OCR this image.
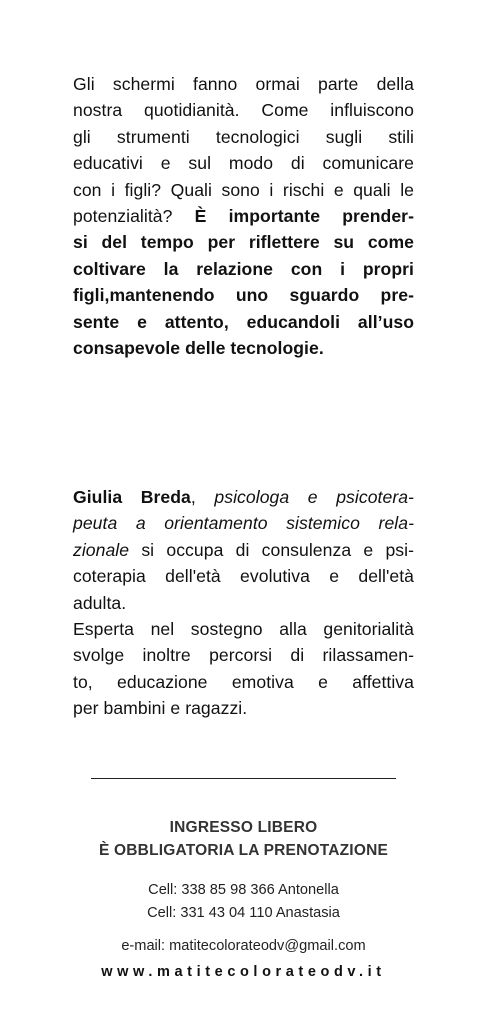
Gli schermi fanno ormai parte della
nostra quotidianità. Come influiscono
gli strumenti tecnologici sugli stili
educativi e sul modo di comunicare
con i figli? Quali sono i rischi e quali le
potenzialità? È importante prender-
si del tempo per riflettere su come
coltivare la relazione con i propri
figli,mantenendo uno sguardo pre-
sente e attento, educandoli all’uso
consapevole delle tecnologie.
Giulia Breda, psicologa e psicotera-
peuta a orientamento sistemico rela-
zionale si occupa di consulenza e psi-
coterapia dell'età evolutiva e dell'età
adulta.
Esperta nel sostegno alla genitorialità
svolge inoltre percorsi di rilassamen-
to, educazione emotiva e affettiva
per bambini e ragazzi.
INGRESSO LIBERO
È OBBLIGATORIA LA PRENOTAZIONE
Cell: 338 85 98 366 Antonella
Cell: 331 43 04 110 Anastasia
e-mail: matitecolorateodv@gmail.com
www.matitecolorateodv.it
